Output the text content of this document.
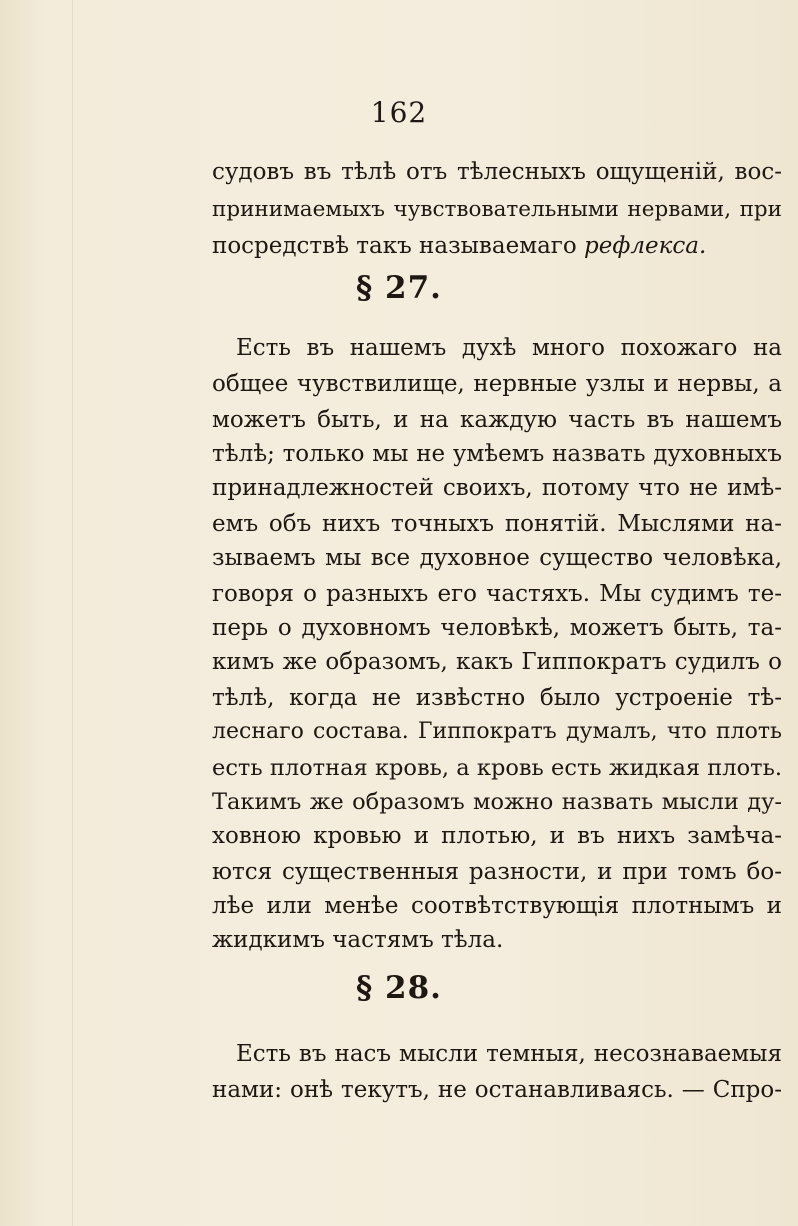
162
судовъ въ тѣлѣ отъ тѣлесныхъ ощущеній, вос-
принимаемыхъ чувствовательными нервами, при
посредствѣ такъ называемаго рефлекса.
§ 27.
Есть въ нашемъ духѣ много похожаго на
общее чувствилище, нервные узлы и нервы, а
можетъ быть, и на каждую часть въ нашемъ
тѣлѣ; только мы не умѣемъ назвать духовныхъ
принадлежностей своихъ, потому что не имѣ-
емъ объ нихъ точныхъ понятій. Мыслями на-
зываемъ мы все духовное существо человѣка,
говоря о разныхъ его частяхъ. Мы судимъ те-
перь о духовномъ человѣкѣ, можетъ быть, та-
кимъ же образомъ, какъ Гиппократъ судилъ о
тѣлѣ, когда не извѣстно было устроеніе тѣ-
леснаго состава. Гиппократъ думалъ, что плоть
есть плотная кровь, а кровь есть жидкая плоть.
Такимъ же образомъ можно назвать мысли ду-
ховною кровью и плотью, и въ нихъ замѣча-
ются существенныя разности, и при томъ бо-
лѣе или менѣе соотвѣтствующія плотнымъ и
жидкимъ частямъ тѣла.
§ 28.
Есть въ насъ мысли темныя, несознаваемыя
нами: онѣ текутъ, не останавливаясь. — Спро-
